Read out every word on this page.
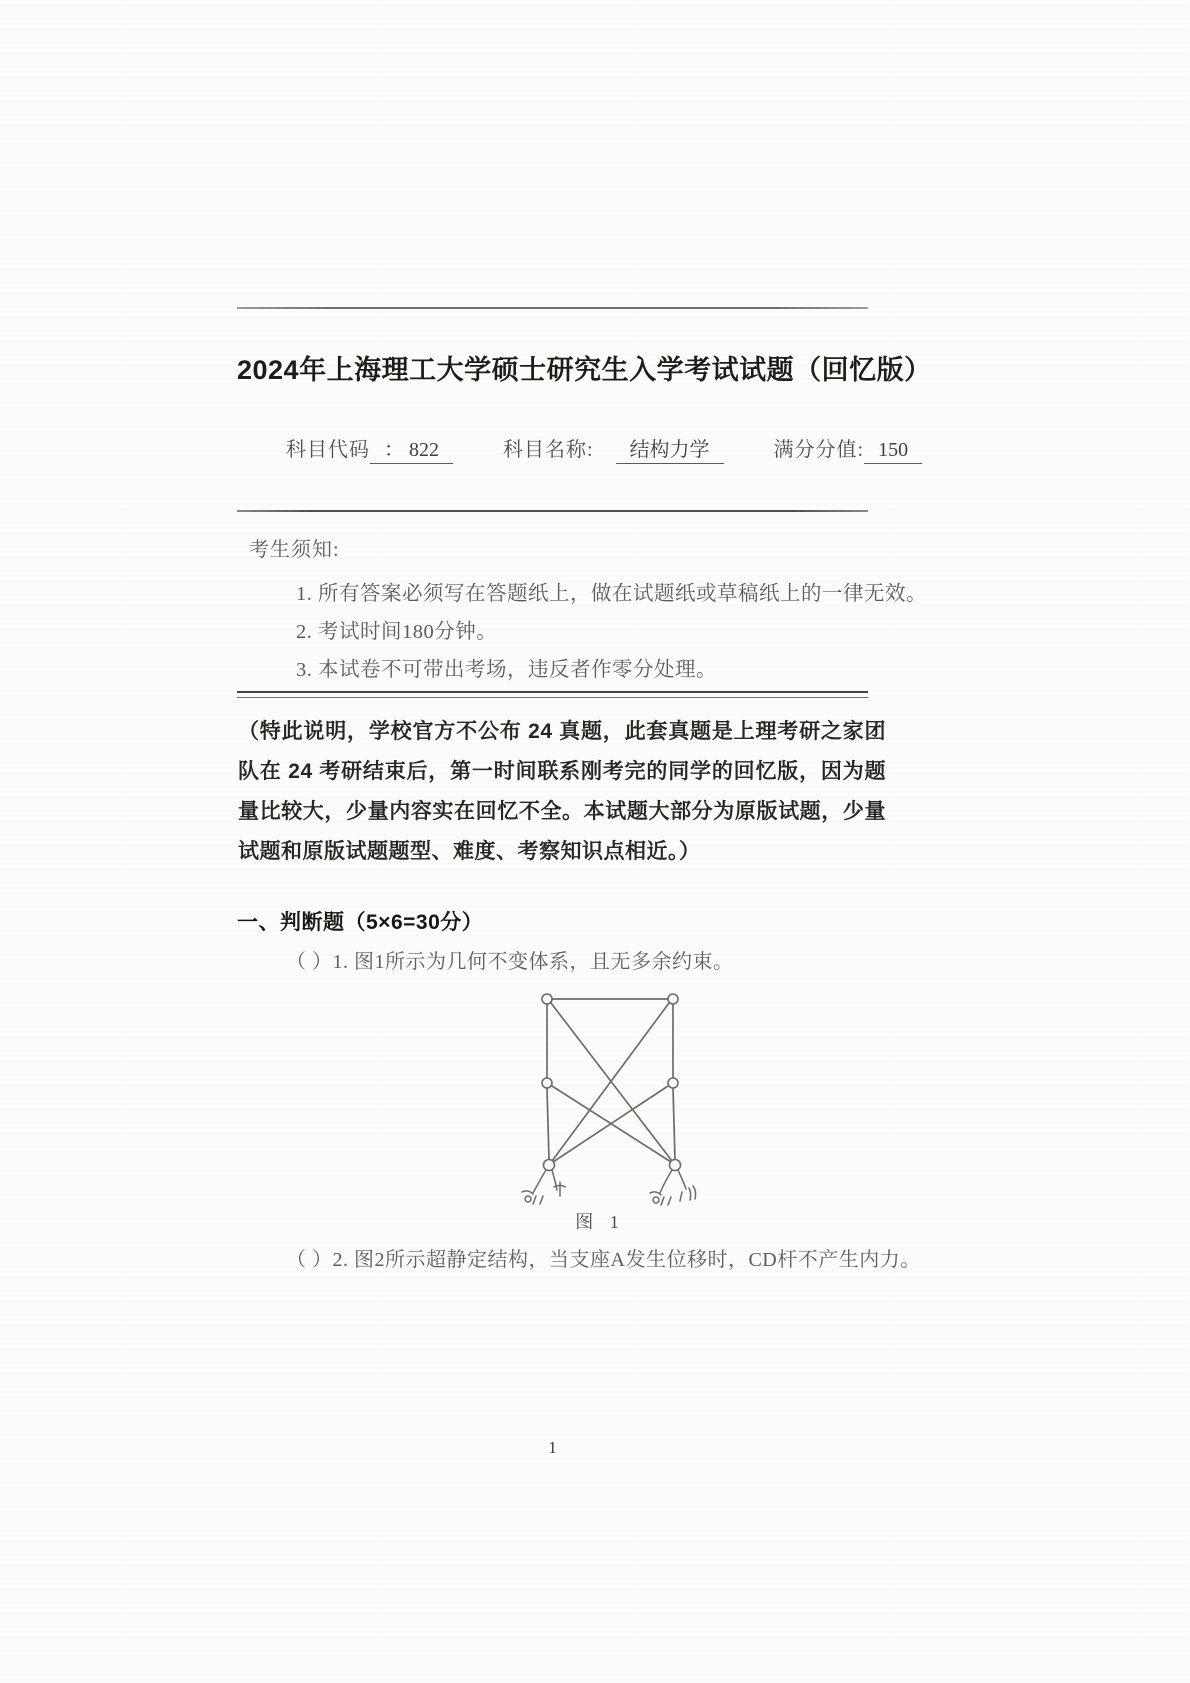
2024年上海理工大学硕士研究生入学考试试题（回忆版）
科目代码 ： 822	科目名称: 结构力学	满分分值: 150
考生须知:
1. 所有答案必须写在答题纸上，做在试题纸或草稿纸上的一律无效。
2. 考试时间180分钟。
3. 本试卷不可带出考场，违反者作零分处理。
（特此说明，学校官方不公布 24 真题，此套真题是上理考研之家团队在 24 考研结束后，第一时间联系刚考完的同学的回忆版，因为题量比较大，少量内容实在回忆不全。本试题大部分为原版试题，少量试题和原版试题题型、难度、考察知识点相近。）
一、判断题（5×6=30分）
（ ）1. 图1所示为几何不变体系，且无多余约束。
图 1
（ ）2. 图2所示超静定结构，当支座A发生位移时，CD杆不产生内力。
1
